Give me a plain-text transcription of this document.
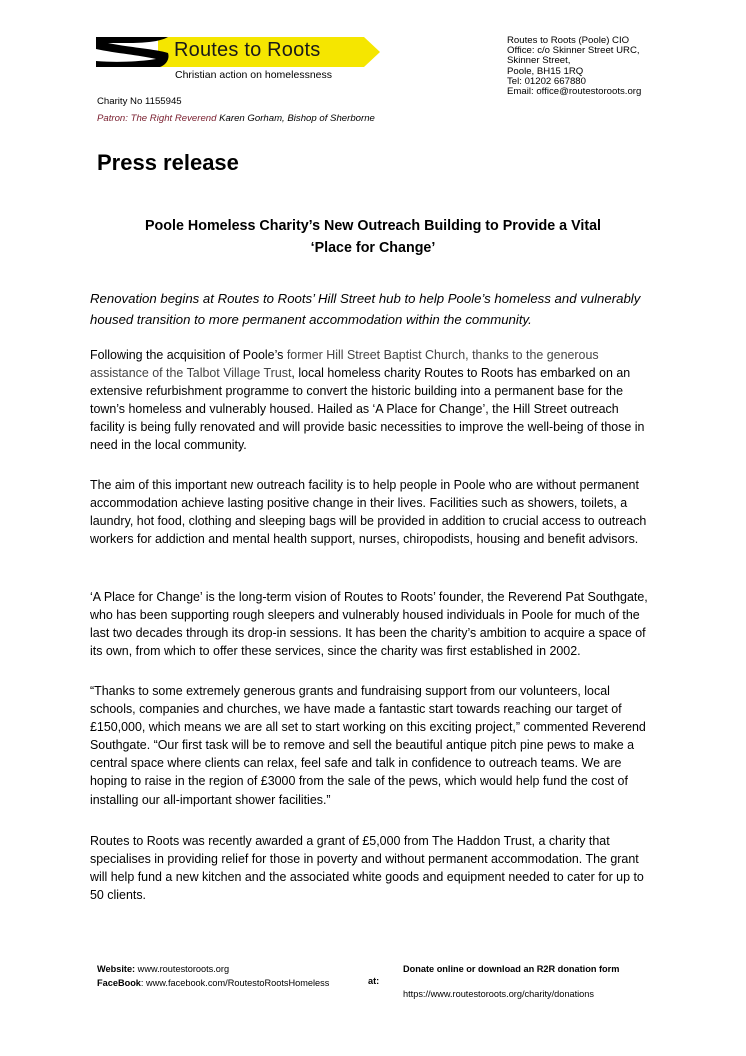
Routes to Roots
Christian action on homelessness
Routes to Roots (Poole) CIO
Office: c/o Skinner Street URC,
Skinner Street,
Poole, BH15 1RQ
Tel: 01202 667880
Email: office@routestoroots.org
Charity No 1155945
Patron: The Right Reverend Karen Gorham, Bishop of Sherborne
Press release
Poole Homeless Charity’s New Outreach Building to Provide a Vital
‘Place for Change’
Renovation begins at Routes to Roots’ Hill Street hub to help Poole’s homeless and vulnerably housed transition to more permanent accommodation within the community.
Following the acquisition of Poole’s former Hill Street Baptist Church, thanks to the generous assistance of the Talbot Village Trust, local homeless charity Routes to Roots has embarked on an extensive refurbishment programme to convert the historic building into a permanent base for the town’s homeless and vulnerably housed. Hailed as ‘A Place for Change’, the Hill Street outreach facility is being fully renovated and will provide basic necessities to improve the well-being of those in need in the local community.
The aim of this important new outreach facility is to help people in Poole who are without permanent accommodation achieve lasting positive change in their lives. Facilities such as showers, toilets, a laundry, hot food, clothing and sleeping bags will be provided in addition to crucial access to outreach workers for addiction and mental health support, nurses, chiropodists, housing and benefit advisors.
‘A Place for Change’ is the long-term vision of Routes to Roots’ founder, the Reverend Pat Southgate, who has been supporting rough sleepers and vulnerably housed individuals in Poole for much of the last two decades through its drop-in sessions. It has been the charity’s ambition to acquire a space of its own, from which to offer these services, since the charity was first established in 2002.
“Thanks to some extremely generous grants and fundraising support from our volunteers, local schools, companies and churches, we have made a fantastic start towards reaching our target of £150,000, which means we are all set to start working on this exciting project,” commented Reverend Southgate. “Our first task will be to remove and sell the beautiful antique pitch pine pews to make a central space where clients can relax, feel safe and talk in confidence to outreach teams. We are hoping to raise in the region of £3000 from the sale of the pews, which would help fund the cost of installing our all-important shower facilities.”
Routes to Roots was recently awarded a grant of £5,000 from The Haddon Trust, a charity that specialises in providing relief for those in poverty and without permanent accommodation. The grant will help fund a new kitchen and the associated white goods and equipment needed to cater for up to 50 clients.
Website: www.routestoroots.org
FaceBook: www.facebook.com/RoutestoRootsHomeless	at:
Donate online or download an R2R donation form
https://www.routestoroots.org/charity/donations
